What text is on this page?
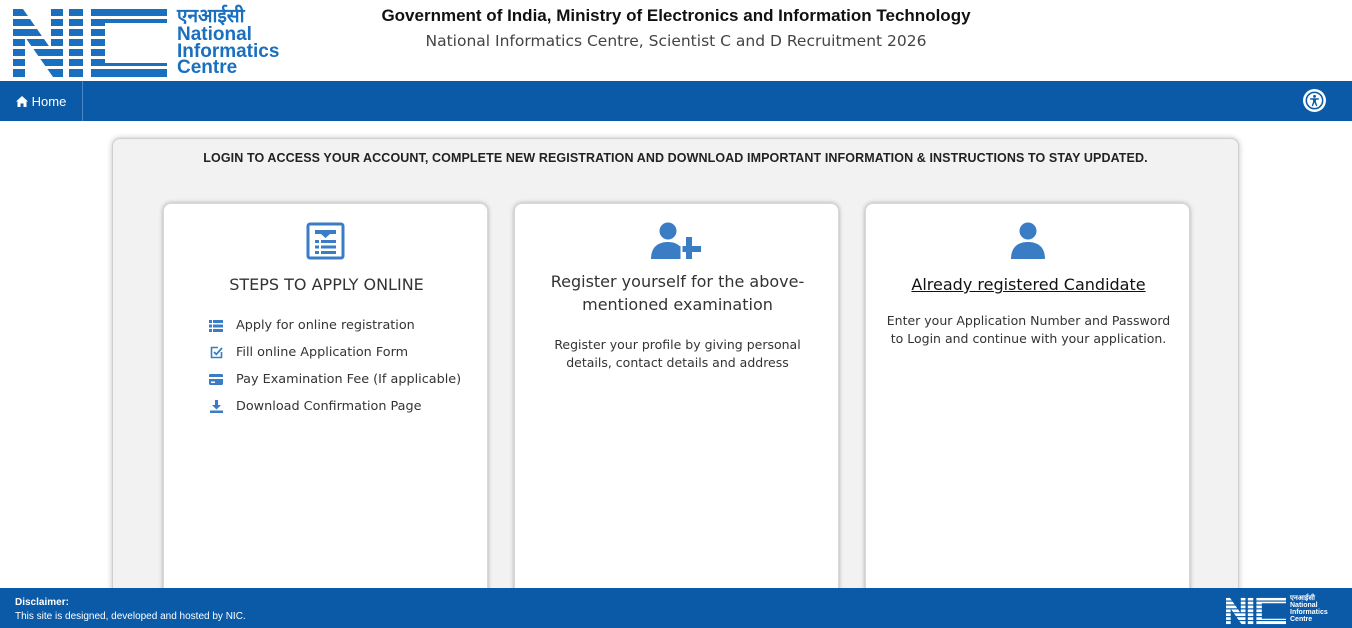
एनआईसी
National
Informatics
Centre
Government of India, Ministry of Electronics and Information Technology
National Informatics Centre, Scientist C and D Recruitment 2026
Home
LOGIN TO ACCESS YOUR ACCOUNT, COMPLETE NEW REGISTRATION AND DOWNLOAD IMPORTANT INFORMATION & INSTRUCTIONS TO STAY UPDATED.
STEPS TO APPLY ONLINE
Apply for online registration
Fill online Application Form
Pay Examination Fee (If applicable)
Download Confirmation Page
Register yourself for the above-mentioned examination
Register your profile by giving personal details, contact details and address
Already registered Candidate
Enter your Application Number and Password to Login and continue with your application.
Disclaimer:
This site is designed, developed and hosted by NIC.
एनआईसी
National
Informatics
Centre
